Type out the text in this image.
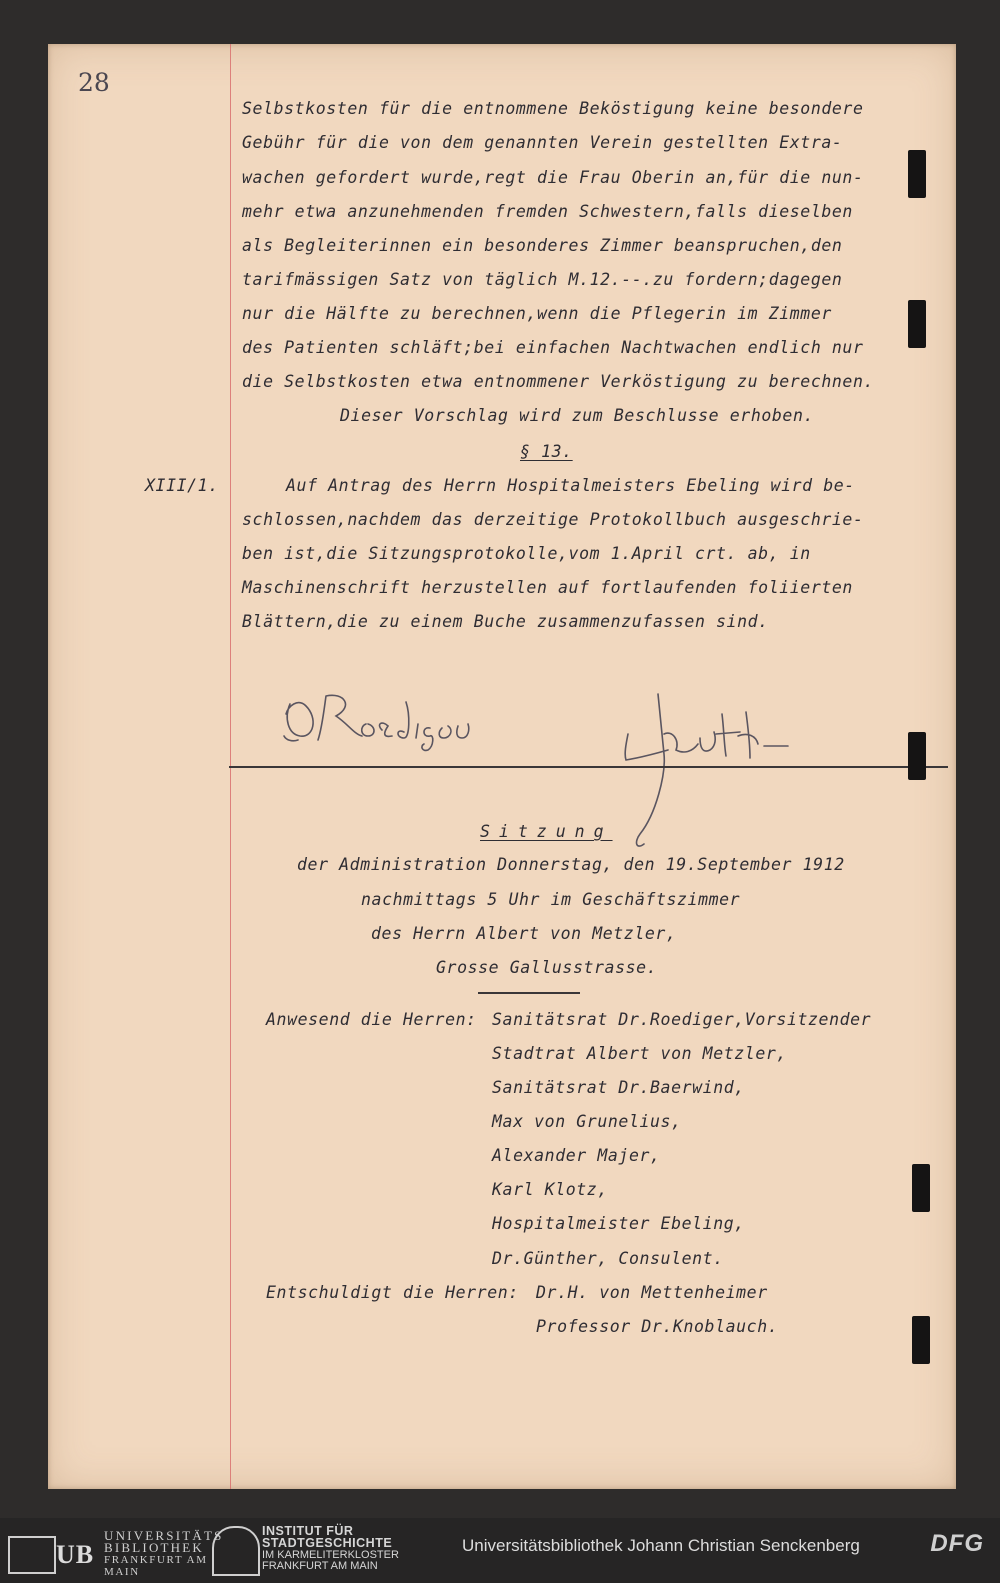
28
Selbstkosten für die entnommene Beköstigung keine besondere
Gebühr für die von dem genannten Verein gestellten Extra-
wachen gefordert wurde,regt die Frau Oberin an,für die nun-
mehr etwa anzunehmenden fremden Schwestern,falls dieselben
als Begleiterinnen ein besonderes Zimmer beanspruchen,den
tarifmässigen Satz von täglich M.12.--.zu fordern;dagegen
nur die Hälfte zu berechnen,wenn die Pflegerin im Zimmer
des Patienten schläft;bei einfachen Nachtwachen endlich nur
die Selbstkosten etwa entnommener Verköstigung zu berechnen.
Dieser Vorschlag wird zum Beschlusse erhoben.
§ 13.
XIII/1.	Auf Antrag des Herrn Hospitalmeisters Ebeling wird be-
schlossen,nachdem das derzeitige Protokollbuch ausgeschrie-
ben ist,die Sitzungsprotokolle,vom 1.April crt. ab, in
Maschinenschrift herzustellen auf fortlaufenden foliierten
Blättern,die zu einem Buche zusammenzufassen sind.
Sitzung
der Administration Donnerstag, den 19.September 1912
nachmittags 5 Uhr im Geschäftszimmer
des Herrn Albert von Metzler,
Grosse Gallusstrasse.
Anwesend die Herren: Sanitätsrat Dr.Roediger,Vorsitzender
Stadtrat Albert von Metzler,
Sanitätsrat Dr.Baerwind,
Max von Grunelius,
Alexander Majer,
Karl Klotz,
Hospitalmeister Ebeling,
Dr.Günther, Consulent.
Entschuldigt die Herren: Dr.H. von Mettenheimer
Professor Dr.Knoblauch.
UB
UNIVERSITÄTS
BIBLIOTHEK
FRANKFURT AM MAIN
INSTITUT FÜR
STADTGESCHICHTE
IM KARMELITERKLOSTER
FRANKFURT AM MAIN
Universitätsbibliothek Johann Christian Senckenberg	DFG
